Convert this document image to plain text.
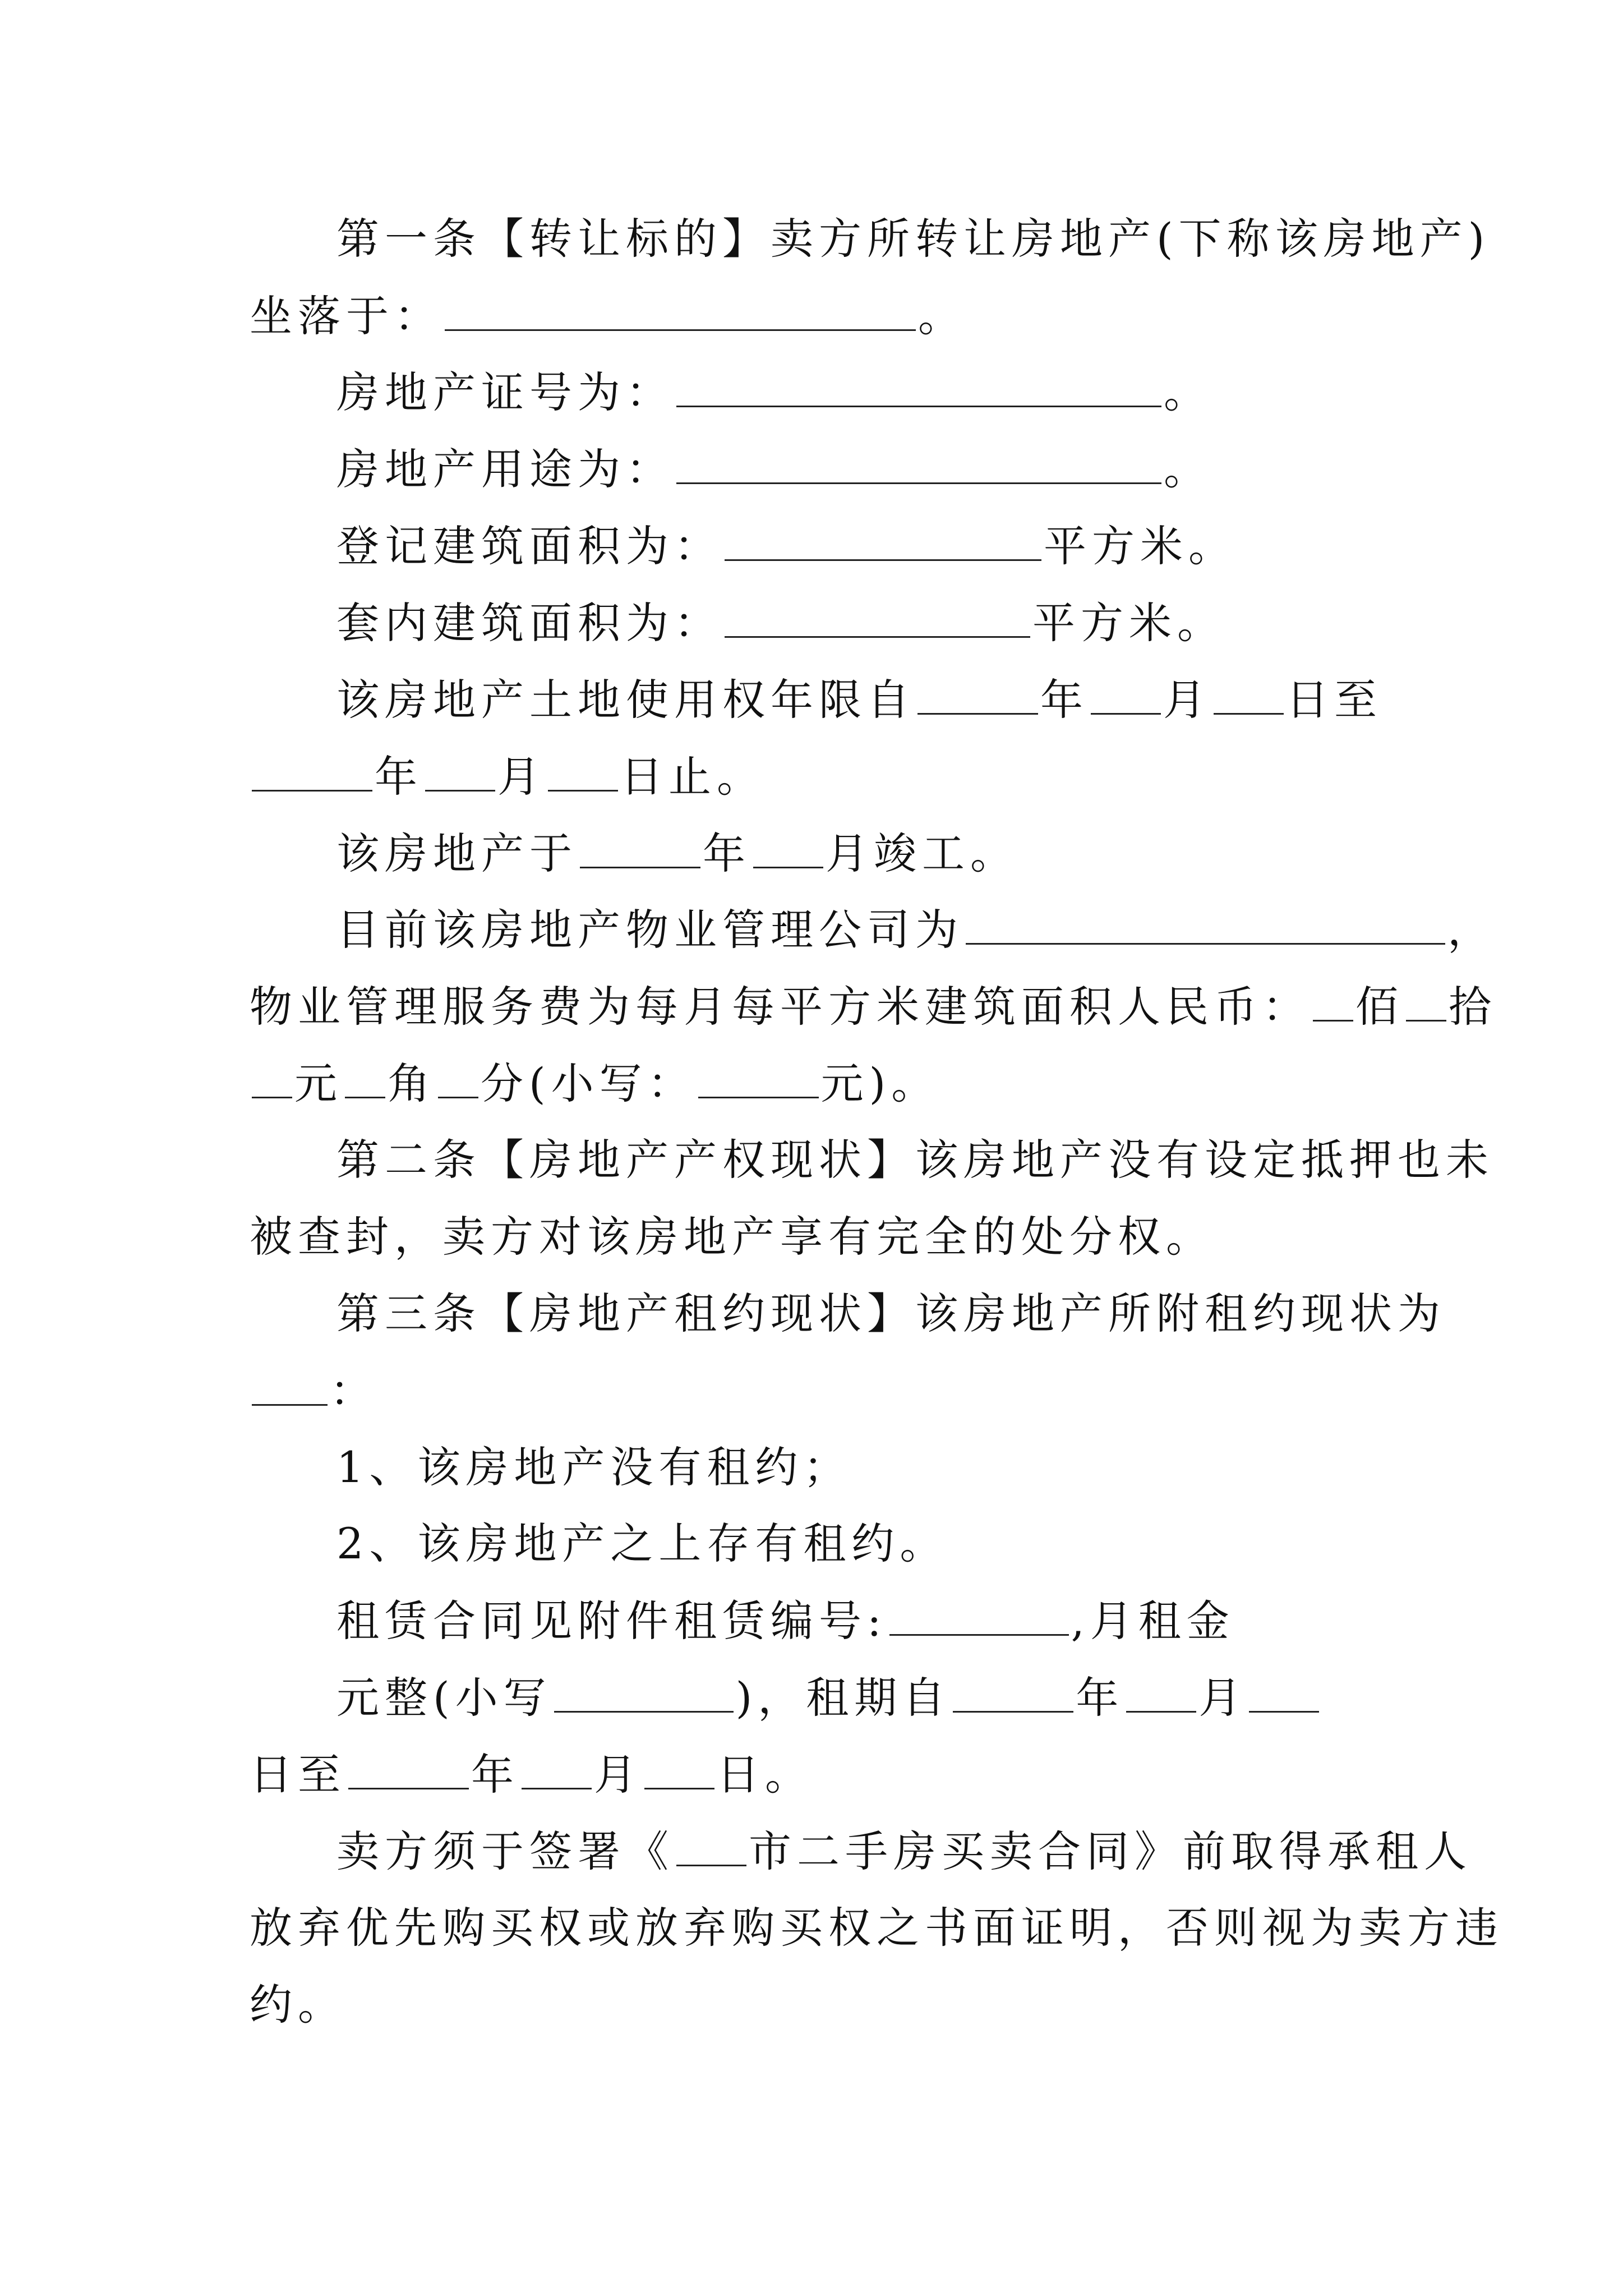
第一条【转让标的】卖方所转让房地产(下称该房地产)
坐落于：	。
房地产证号为：	。
房地产用途为：	。
登记建筑面积为：	平方米。
套内建筑面积为：	平方米。
该房地产土地使用权年限自	年 月 日至
年 月 日止。
该房地产于	年 月竣工。
目前该房地产物业管理公司为	，
物业管理服务费为每月每平方米建筑面积人民币： 佰 拾
元 角 分(小写：	元)。
第二条【房地产产权现状】该房地产没有设定抵押也未
被查封，卖方对该房地产享有完全的处分权。
第三条【房地产租约现状】该房地产所附租约现状为
：
1、该房地产没有租约；
2、该房地产之上存有租约。
租赁合同见附件租赁编号:	,月租金
元整(小写	)，租期自	年 月
日至	年 月 日。
卖方须于签署《 市二手房买卖合同》前取得承租人
放弃优先购买权或放弃购买权之书面证明，否则视为卖方违
约。
